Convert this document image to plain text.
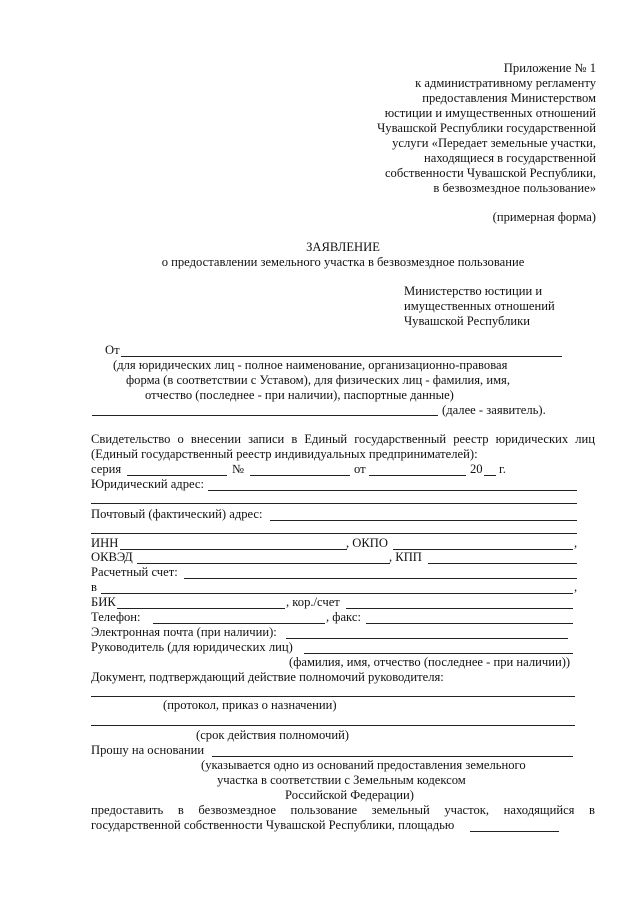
Приложение № 1
к административному регламенту
предоставления Министерством
юстиции и имущественных отношений
Чувашской Республики государственной
услуги «Передает земельные участки,
находящиеся в государственной
собственности Чувашской Республики,
в безвозмездное пользование»
(примерная форма)
ЗАЯВЛЕНИЕ
о предоставлении земельного участка в безвозмездное пользование
Министерство юстиции и
имущественных отношений
Чувашской Республики
От
(для юридических лиц - полное наименование, организационно-правовая
форма (в соответствии с Уставом), для физических лиц - фамилия, имя,
отчество (последнее - при наличии), паспортные данные)
(далее - заявитель).
Свидетельство о внесении записи в Единый государственный реестр юридических лиц
(Единый государственный реестр индивидуальных предпринимателей):
серия	№	от	20 г.
Юридический адрес:
Почтовый (фактический) адрес:
ИНН	, ОКПО	,
ОКВЭД	, КПП
Расчетный счет:
в	,
БИК	, кор./счет
Телефон:	, факс:
Электронная почта (при наличии):
Руководитель (для юридических лиц)
(фамилия, имя, отчество (последнее - при наличии))
Документ, подтверждающий действие полномочий руководителя:
(протокол, приказ о назначении)
(срок действия полномочий)
Прошу на основании
(указывается одно из оснований предоставления земельного
участка в соответствии с Земельным кодексом
Российской Федерации)
предоставить в безвозмездное пользование земельный участок, находящийся в
государственной собственности Чувашской Республики, площадью
